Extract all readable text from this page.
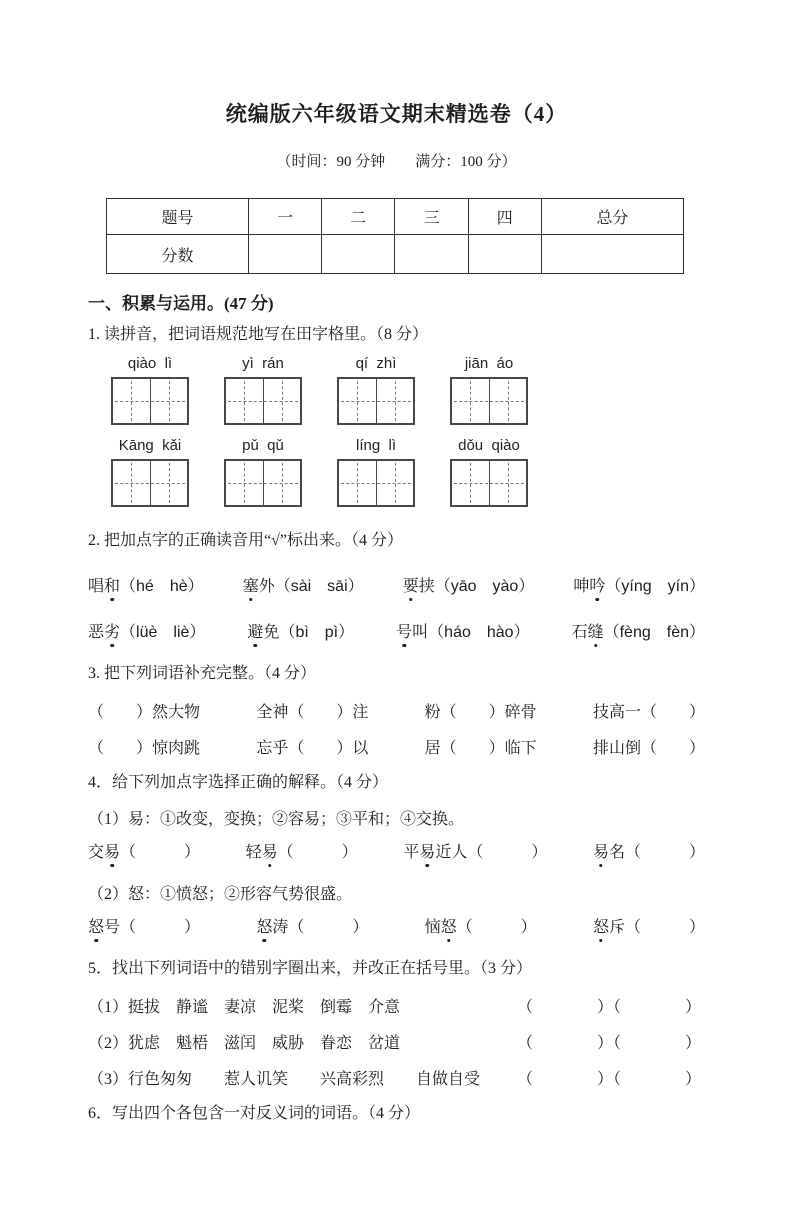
统编版六年级语文期末精选卷（4）
（时间：90 分钟　　满分：100 分）
题号	一	二	三	四	总分
分数					
一、积累与运用。(47 分)
1. 读拼音，把词语规范地写在田字格里。（8 分）
qiào  lì	yì  rán	qí  zhì	jiān  áo
Kāng  kǎi	pǔ  qǔ	líng  lì	dǒu  qiào
2. 把加点字的正确读音用“√”标出来。（4 分）
唱和（hé　hè） 塞外（sài　sāi） 要挟（yāo　yào） 呻吟（yíng　yín）
恶劣（lüè　liè）	避免（bì　pì）	号叫（háo　hào）	石缝（fèng　fèn）
3. 把下列词语补充完整。（4 分）
（　　）然大物	全神（　　）注	粉（　　）碎骨	技高一（　　）
（　　）惊肉跳	忘乎（　　）以	居（　　）临下	排山倒（　　）
4．给下列加点字选择正确的解释。（4 分）
（1）易：①改变，变换；②容易；③平和；④交换。
交易（　　　）	轻易（　　　）	平易近人（　　　）	易名（　　　）
（2）怒：①愤怒；②形容气势很盛。
怒号（　　　）	怒涛（　　　）	恼怒（　　　）	怒斥（　　　）
5．找出下列词语中的错别字圈出来，并改正在括号里。（3 分）
（1）挺拔　静谧　妻凉　泥桨　倒霉　介意	（　　　　）（　　　　）
（2）犹虑　魁梧　滋闰　威胁　眷恋　岔道	（　　　　）（　　　　）
（3）行色匆匆　　惹人讥笑　　兴高彩烈　　自做自受 （　　　　）（　　　　）
6．写出四个各包含一对反义词的词语。（4 分）
